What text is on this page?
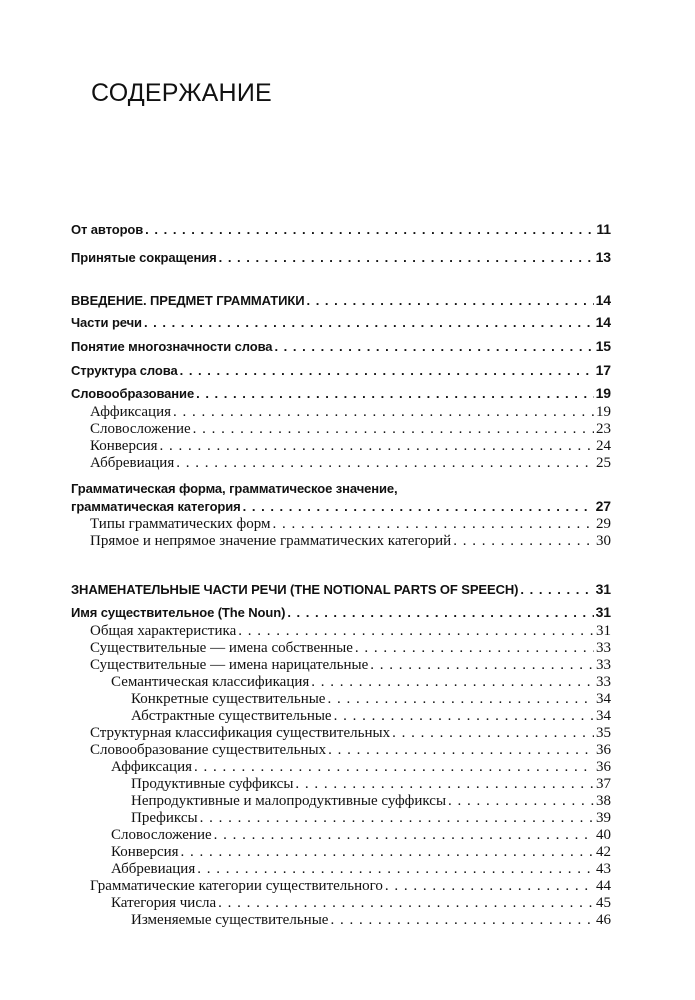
СОДЕРЖАНИЕ
От авторов . . .	11
Принятые сокращения . . .	13
ВВЕДЕНИЕ. ПРЕДМЕТ ГРАММАТИКИ . . .	14
Части речи . . .	14
Понятие многозначности слова . . .	15
Структура слова . . .	17
Словообразование . . .	19
Аффиксация . . .	19
Словосложение . . .	23
Конверсия . . .	24
Аббревиация . . .	25
Грамматическая форма, грамматическое значение,
грамматическая категория . . .	27
Типы грамматических форм . . .	29
Прямое и непрямое значение грамматических категорий . . .	30
ЗНАМЕНАТЕЛЬНЫЕ ЧАСТИ РЕЧИ (THE NOTIONAL PARTS OF SPEECH) . . .	31
Имя существительное (The Noun) . . .	31
Общая характеристика . . .	31
Существительные — имена собственные . . .	33
Существительные — имена нарицательные . . .	33
Семантическая классификация . . .	33
Конкретные существительные . . .	34
Абстрактные существительные . . .	34
Структурная классификация существительных . . .	35
Словообразование существительных . . .	36
Аффиксация . . .	36
Продуктивные суффиксы . . .	37
Непродуктивные и малопродуктивные суффиксы . . .	38
Префиксы . . .	39
Словосложение . . .	40
Конверсия . . .	42
Аббревиация . . .	43
Грамматические категории существительного . . .	44
Категория числа . . .	45
Изменяемые существительные . . .	46
